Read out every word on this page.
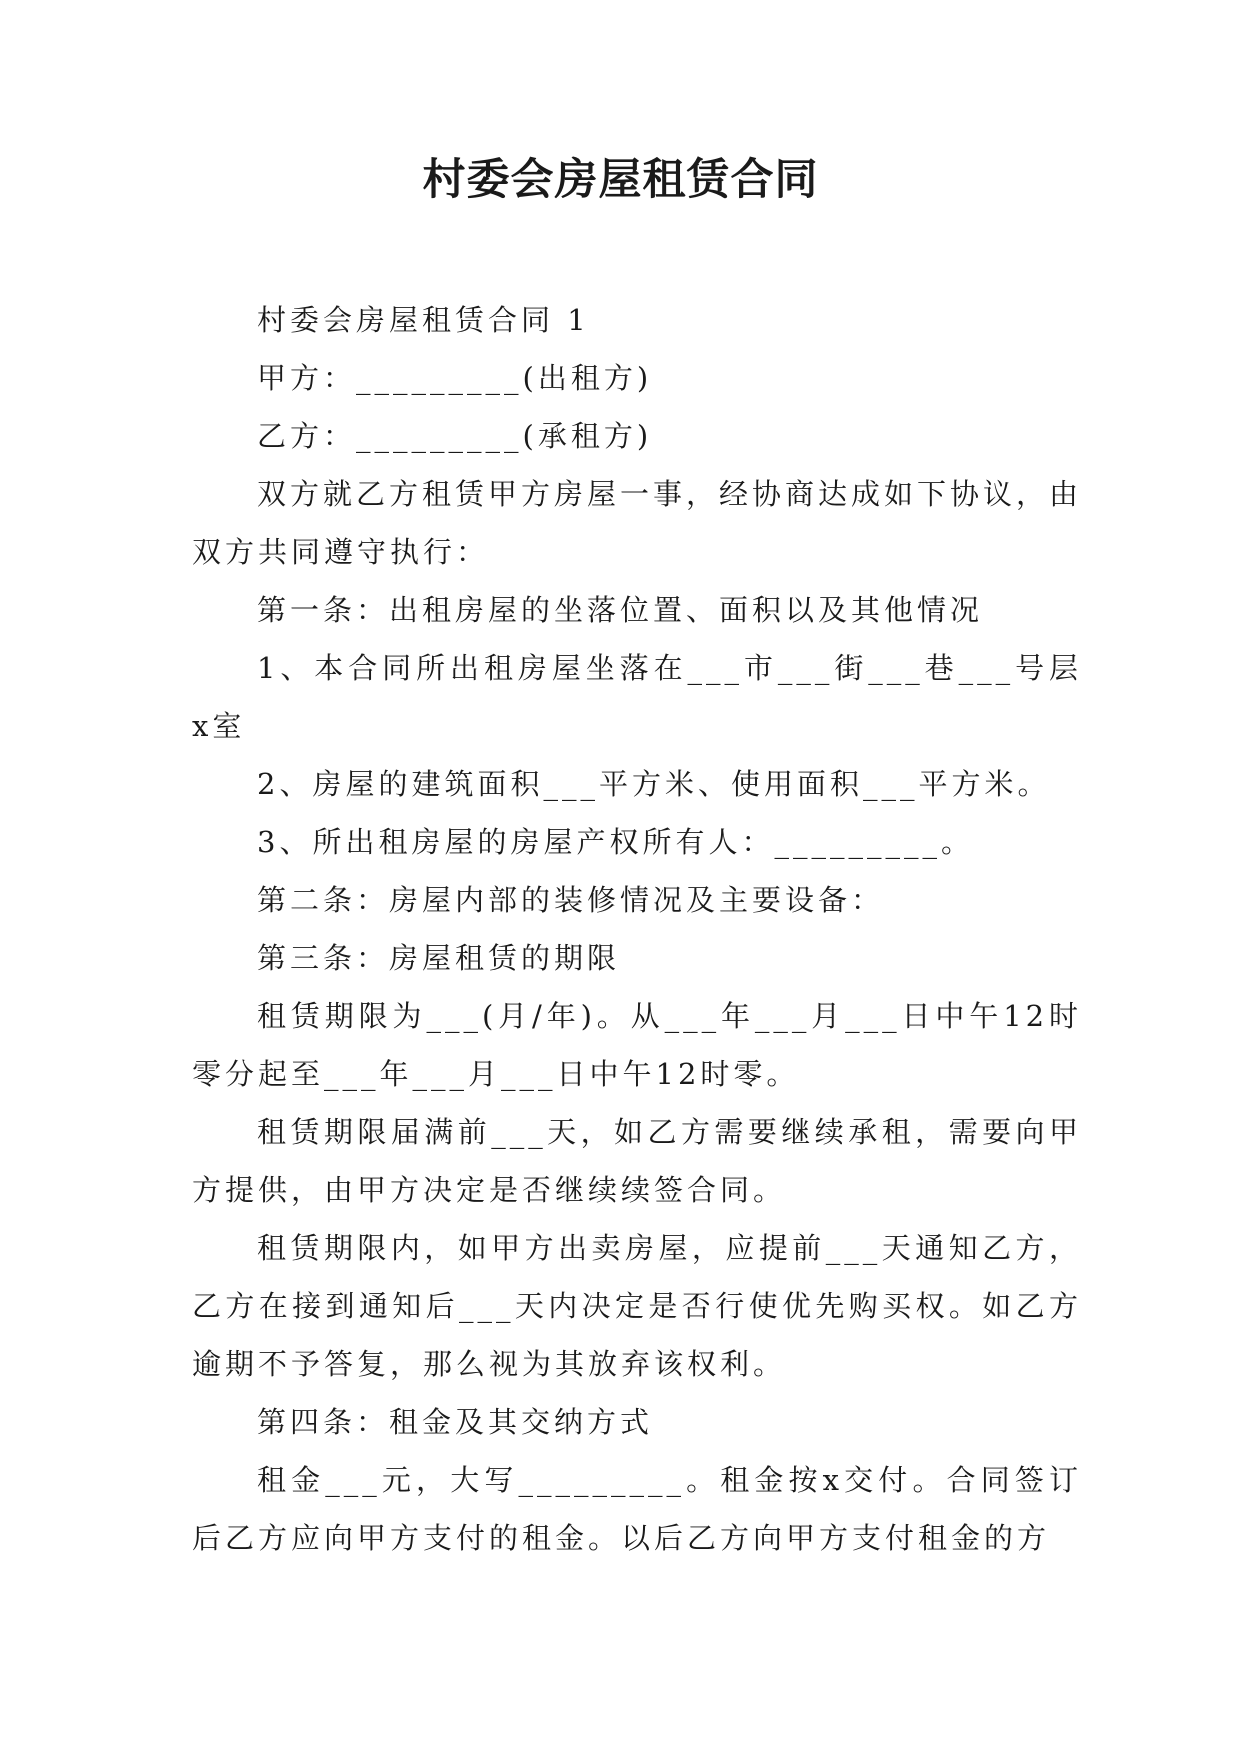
村委会房屋租赁合同

村委会房屋租赁合同 1

甲方：_________(出租方)

乙方：_________(承租方)

双方就乙方租赁甲方房屋一事，经协商达成如下协议，由双方共同遵守执行：

第一条：出租房屋的坐落位置、面积以及其他情况

1、本合同所出租房屋坐落在___市___街___巷___号层x室

2、房屋的建筑面积___平方米、使用面积___平方米。

3、所出租房屋的房屋产权所有人：_________。

第二条：房屋内部的装修情况及主要设备：

第三条：房屋租赁的期限

租赁期限为___(月/年)。从___年___月___日中午12时零分起至___年___月___日中午12时零。

租赁期限届满前___天，如乙方需要继续承租，需要向甲方提供，由甲方决定是否继续续签合同。

租赁期限内，如甲方出卖房屋，应提前___天通知乙方，乙方在接到通知后___天内决定是否行使优先购买权。如乙方逾期不予答复，那么视为其放弃该权利。

第四条：租金及其交纳方式

租金___元，大写_________。租金按x交付。合同签订后乙方应向甲方支付的租金。以后乙方向甲方支付租金的方
